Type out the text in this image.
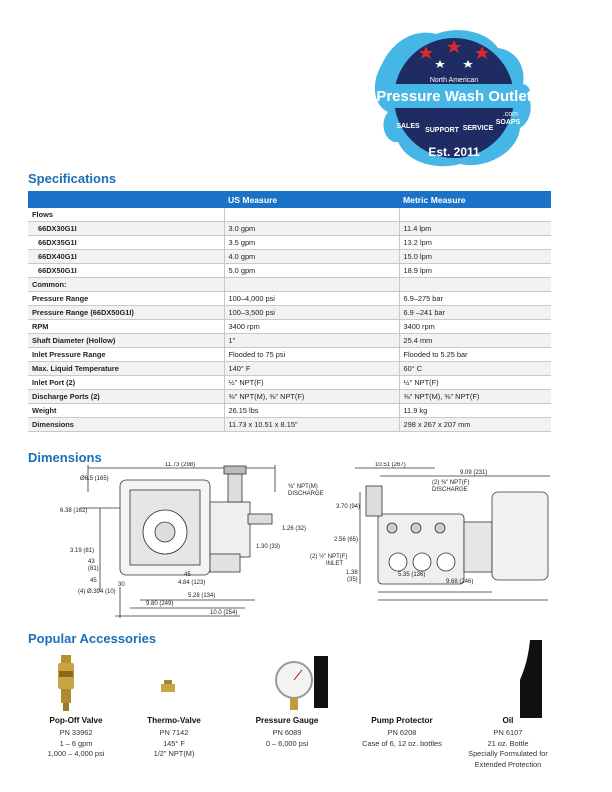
North American
Pressure Wash Outlet
.com
SALES
SUPPORT SERVICE
SOAPS
Est. 2011
Specifications
	US Measure	Metric Measure
Flows		
66DX30G1I	3.0 gpm	11.4 lpm
66DX35G1I	3.5 gpm	13.2 lpm
66DX40G1I	4.0 gpm	15.0 lpm
66DX50G1I	5.0 gpm	18.9 lpm
Common:		
Pressure Range	100–4,000 psi	6.9–275 bar
Pressure Range (66DX50G1I)	100–3,500 psi	6.9 –241 bar
RPM	3400 rpm	3400 rpm
Shaft Diameter (Hollow)	1"	25.4 mm
Inlet Pressure Range	Flooded to 75 psi	Flooded to 5.25 bar
Max. Liquid Temperature	140° F	60° C
Inlet Port (2)	½" NPT(F)	½" NPT(F)
Discharge Ports (2)	⅜" NPT(M), ⅜" NPT(F)	⅜" NPT(M), ⅜" NPT(F)
Weight	26.15 lbs	11.9 kg
Dimensions	11.73 x 10.51 x 8.15"	298 x 267 x 207 mm
Dimensions	11.73 (298)
Ø6.5 (165)
6.38 (162)
⅜" NPT(M)
DISCHARGE
1.26 (32)
1.30 (33)
3.19 (81)
43
(81)
45
45
30	4.84 (123)
5.28 (134)
(4) Ø.394 (10)
9.80 (249)
10.0 (254)
10.51 (267)
9.09 (231)
(2) ⅜" NPT(F)
DISCHARGE
3.70 (94)
2.56 (65)
(2) ½" NPT(F)
INLET
1.38
(35)
5.35 (136)
9.68 (246)
Popular Accessories
Pop-Off Valve
PN 33962
1 – 6 gpm
1,000 – 4,000 psi
Thermo-Valve
PN 7142
145° F
1/2" NPT(M)
Pressure Gauge
PN 6089
0 – 6,000 psi
Pump Protector
PN 6208
Case of 6, 12 oz. bottles
Oil
PN 6107
21 oz. Bottle
Specially Formulated for
Extended Protection
